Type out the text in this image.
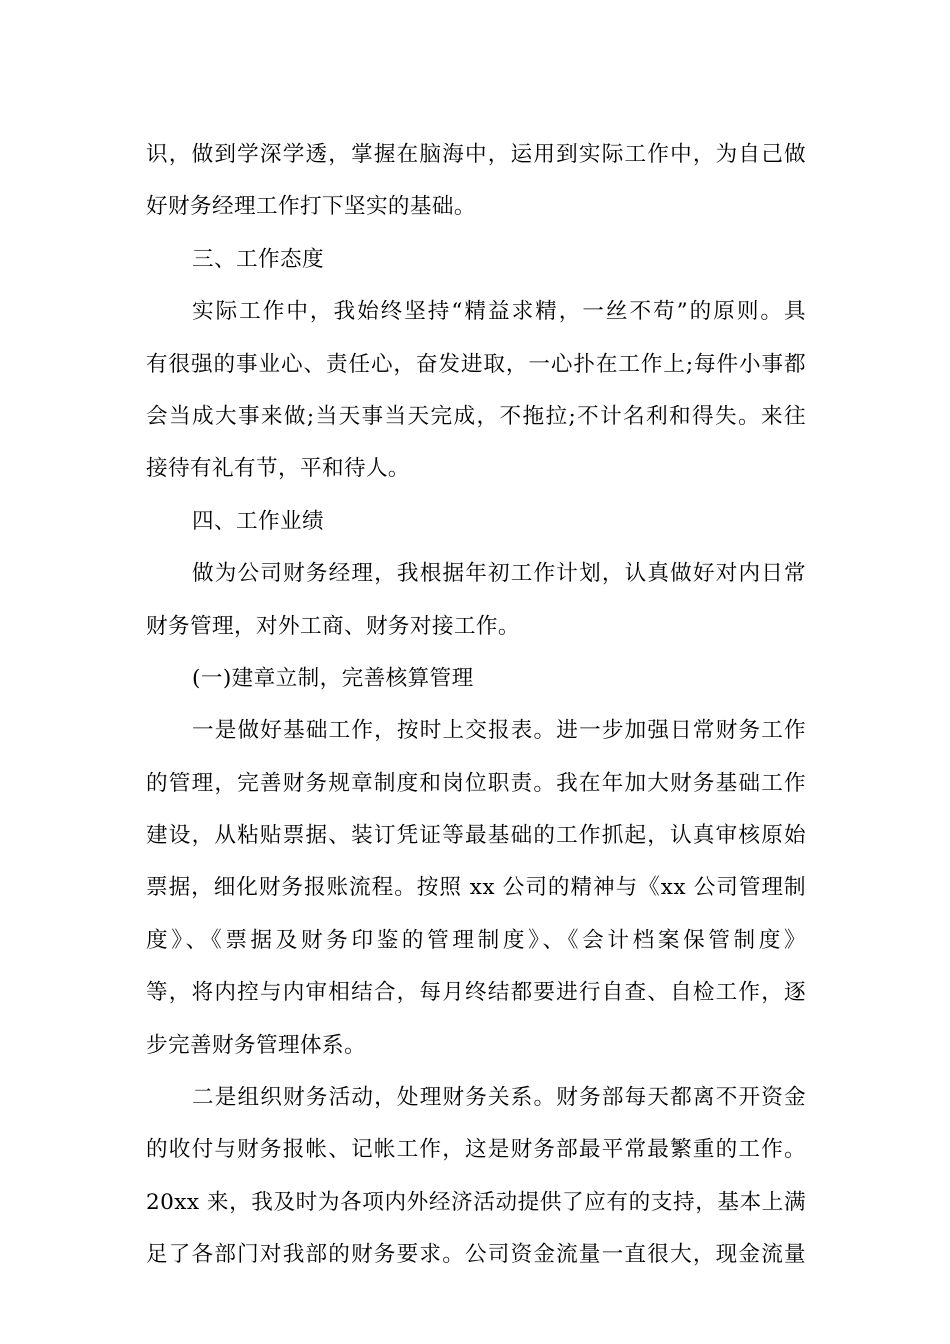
识，做到学深学透，掌握在脑海中，运用到实际工作中，为自己做
好财务经理工作打下坚实的基础。
三、工作态度
实际工作中，我始终坚持“精益求精，一丝不苟”的原则。具
有很强的事业心、责任心，奋发进取，一心扑在工作上;每件小事都
会当成大事来做;当天事当天完成，不拖拉;不计名利和得失。来往
接待有礼有节，平和待人。
四、工作业绩
做为公司财务经理，我根据年初工作计划，认真做好对内日常
财务管理，对外工商、财务对接工作。
(一)建章立制，完善核算管理
一是做好基础工作，按时上交报表。进一步加强日常财务工作
的管理，完善财务规章制度和岗位职责。我在年加大财务基础工作
建设，从粘贴票据、装订凭证等最基础的工作抓起，认真审核原始
票据，细化财务报账流程。按照 xx 公司的精神与《xx 公司管理制
度》、《票据及财务印鉴的管理制度》、《会计档案保管制度》
等，将内控与内审相结合，每月终结都要进行自查、自检工作，逐
步完善财务管理体系。
二是组织财务活动，处理财务关系。财务部每天都离不开资金
的收付与财务报帐、记帐工作，这是财务部最平常最繁重的工作。
20xx 来，我及时为各项内外经济活动提供了应有的支持，基本上满
足了各部门对我部的财务要求。公司资金流量一直很大，现金流量
